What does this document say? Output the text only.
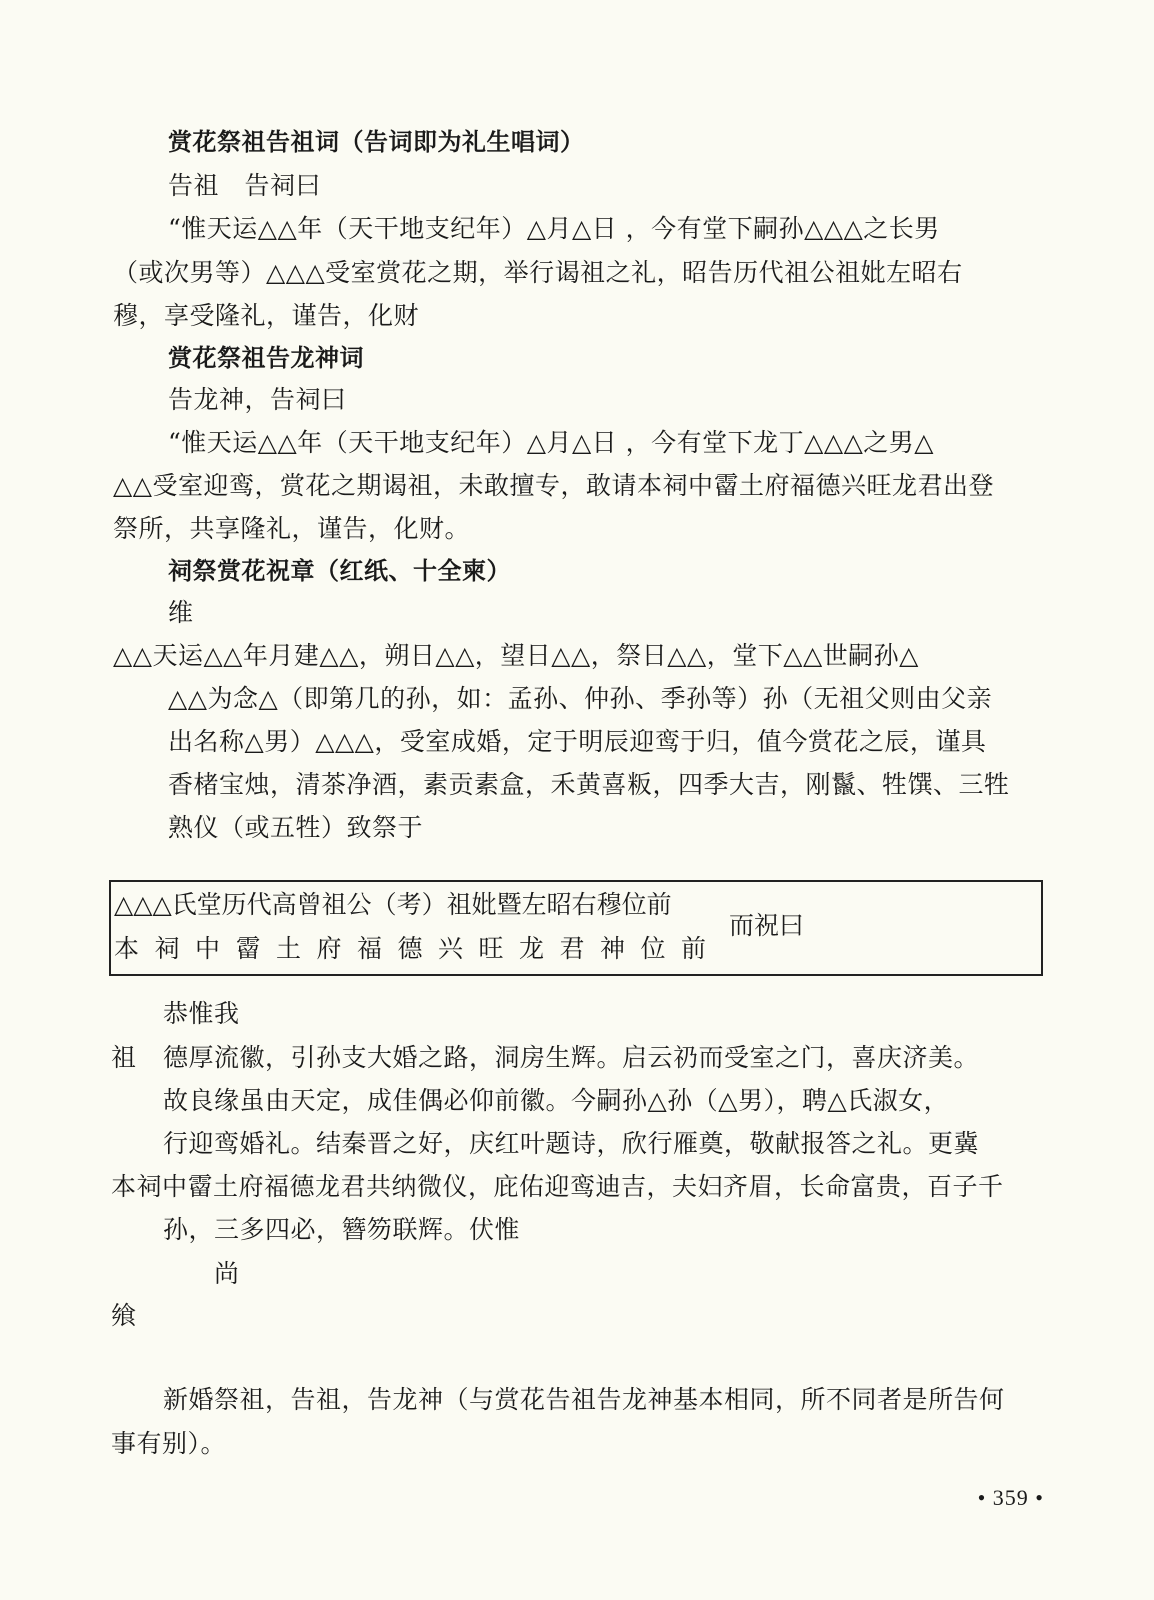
赏花祭祖告祖词（告词即为礼生唱词）
告祖　告祠曰
“惟天运△△年（天干地支纪年）△月△日 ，今有堂下嗣孙△△△之长男
（或次男等）△△△受室赏花之期，举行谒祖之礼，昭告历代祖公祖妣左昭右
穆，享受隆礼，谨告，化财
赏花祭祖告龙神词
告龙神，告祠曰
“惟天运△△年（天干地支纪年）△月△日 ，今有堂下龙丁△△△之男△
△△受室迎鸾，赏花之期谒祖，未敢擅专，敢请本祠中霤土府福德兴旺龙君出登
祭所，共享隆礼，谨告，化财。
祠祭赏花祝章（红纸、十全柬）
维
△△天运△△年月建△△，朔日△△，望日△△，祭日△△，堂下△△世嗣孙△
△△为念△（即第几的孙，如：孟孙、仲孙、季孙等）孙（无祖父则由父亲
出名称△男）△△△，受室成婚，定于明辰迎鸾于归，值今赏花之辰，谨具
香楮宝烛，清茶净酒，素贡素盒，禾黄喜粄，四季大吉，刚鬣、牲馔、三牲
熟仪（或五牲）致祭于
△△△氏堂历代高曾祖公（考）祖妣暨左昭右穆位前
本祠中霤土府福德兴旺龙君神位前
而祝曰
恭惟我
祖 德厚流徽，引孙支大婚之路，洞房生辉。启云礽而受室之门，喜庆济美。
故良缘虽由天定，成佳偶必仰前徽。今嗣孙△孙（△男），聘△氏淑女，
行迎鸾婚礼。结秦晋之好，庆红叶题诗，欣行雁奠，敬献报答之礼。更冀
本祠中霤土府福德龙君共纳微仪，庇佑迎鸾迪吉，夫妇齐眉，长命富贵，百子千
孙，三多四必，簪笏联辉。伏惟
尚
飨
新婚祭祖，告祖，告龙神（与赏花告祖告龙神基本相同，所不同者是所告何
事有别）。
• 359 •
